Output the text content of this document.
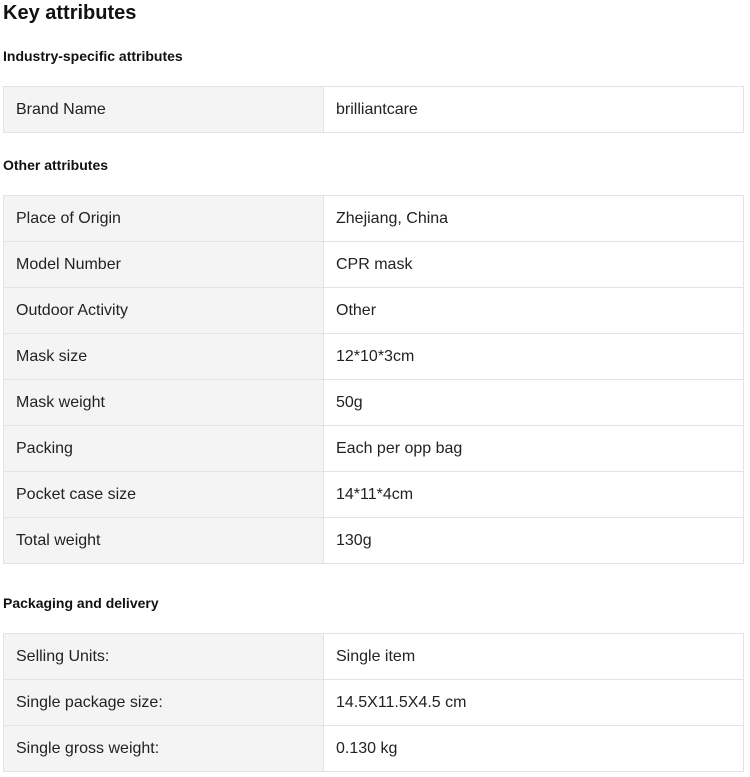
Key attributes
Industry-specific attributes
Brand Name	brilliantcare
Other attributes
Place of Origin	Zhejiang, China
Model Number	CPR mask
Outdoor Activity	Other
Mask size	12*10*3cm
Mask weight	50g
Packing	Each per opp bag
Pocket case size	14*11*4cm
Total weight	130g
Packaging and delivery
Selling Units:	Single item
Single package size:	14.5X11.5X4.5 cm
Single gross weight:	0.130 kg
